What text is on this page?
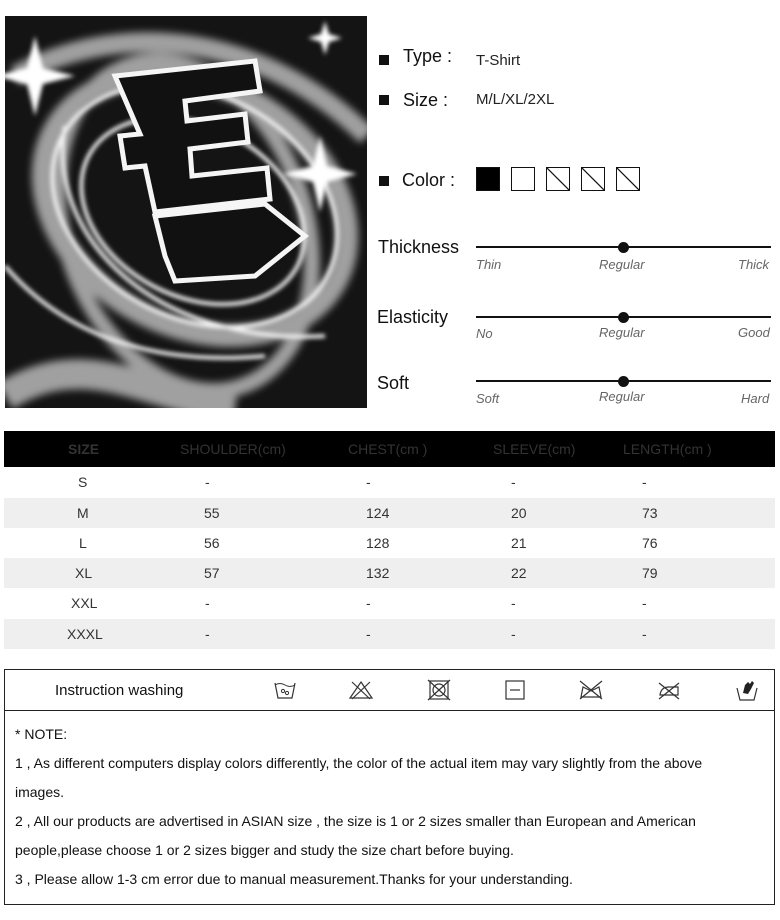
Type : T-Shirt
Size : M/L/XL/2XL
Color :
Thickness
Thin	Regular	Thick
Elasticity
No	Regular	Good
Soft
Soft	Regular	Hard
SIZE	SHOULDER(cm)	CHEST(cm )	SLEEVE(cm)	LENGTH(cm )
S	-	-	-	-
M	55	124	20	73
L	56	128	21	76
XL	57	132	22	79
XXL	-	-	-	-
XXXL	-	-	-	-
Instruction washing
* NOTE:
1 , As different computers display colors differently, the color of the actual item may vary slightly from the above
images.
2 , All our products are advertised in ASIAN size , the size is 1 or 2 sizes smaller than European and American
people,please choose 1 or 2 sizes bigger and study the size chart before buying.
3 , Please allow 1-3 cm error due to manual measurement.Thanks for your understanding.
